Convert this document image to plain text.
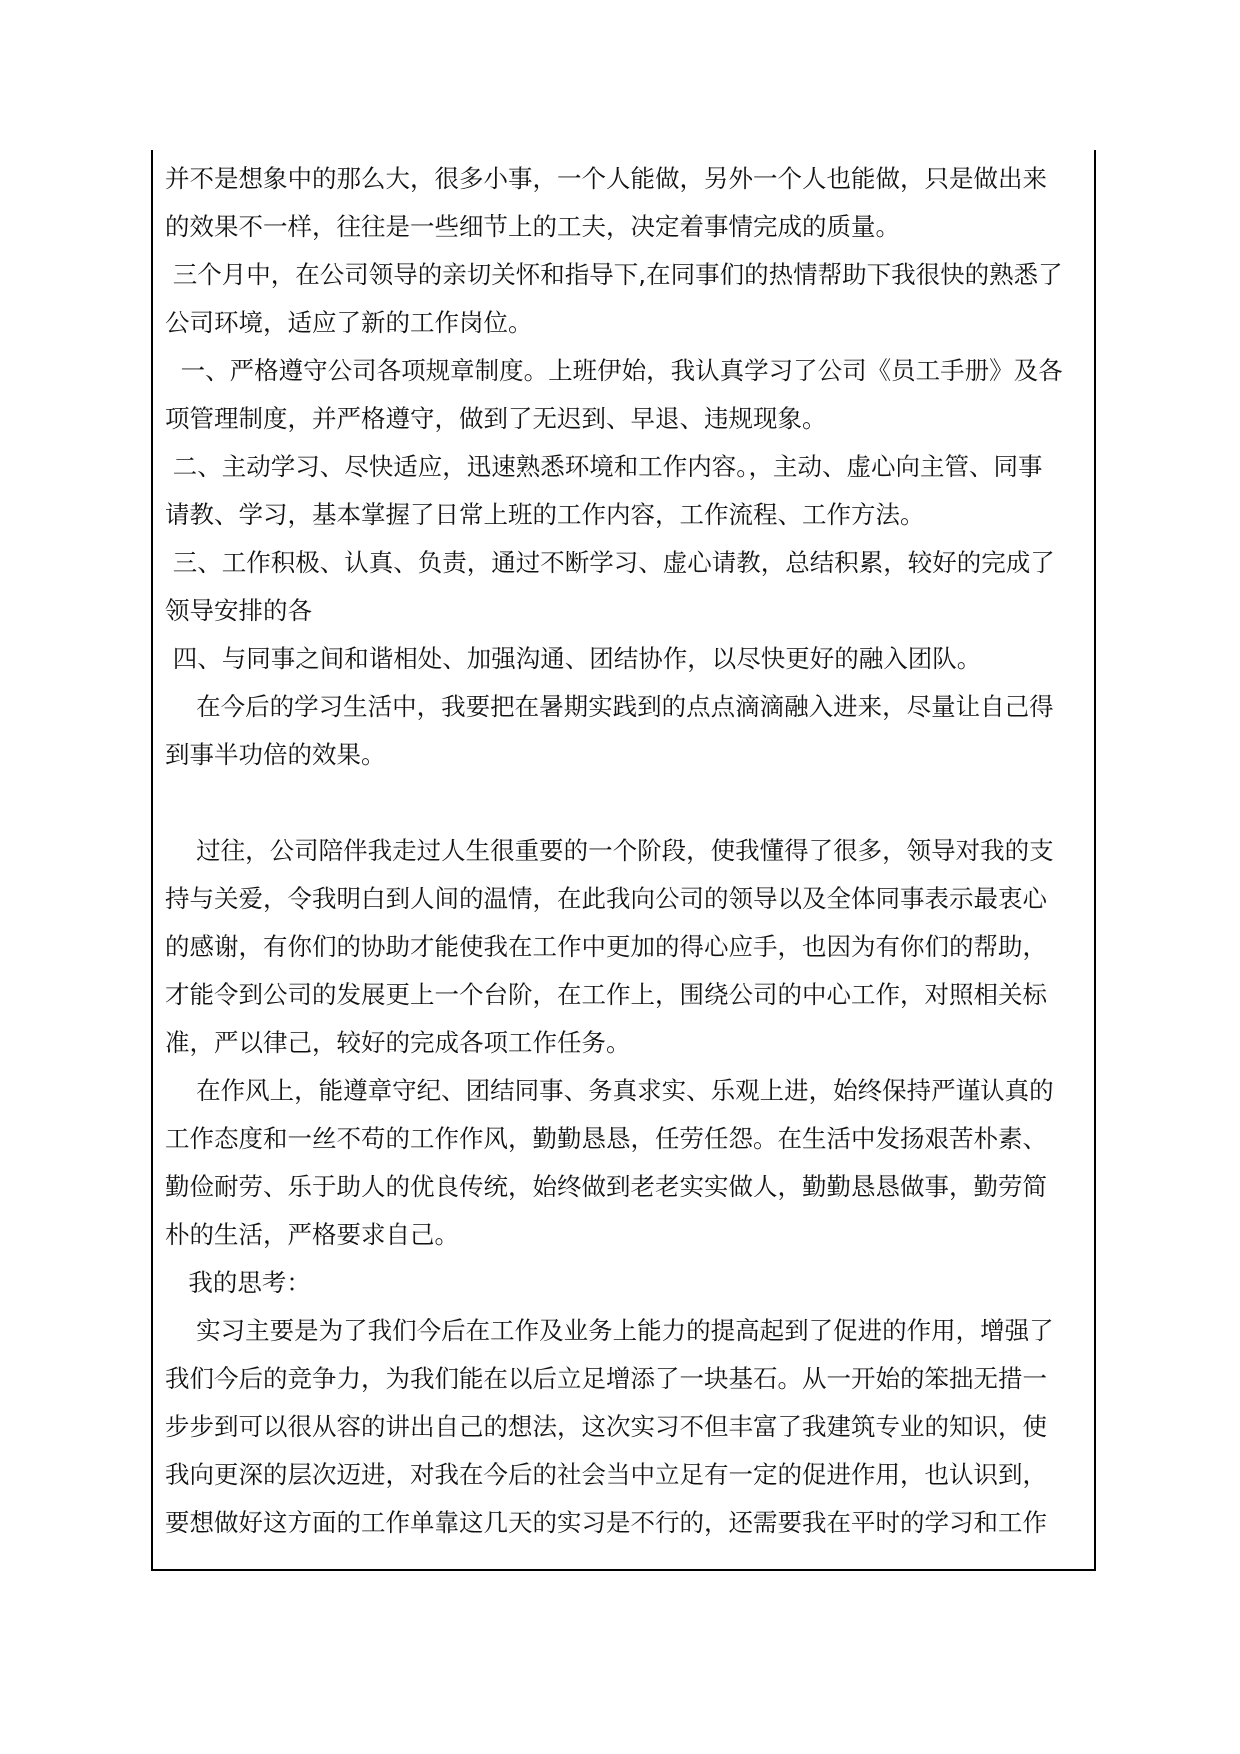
并不是想象中的那么大，很多小事，一个人能做，另外一个人也能做，只是做出来
的效果不一样，往往是一些细节上的工夫，决定着事情完成的质量。
三个月中，在公司领导的亲切关怀和指导下,在同事们的热情帮助下我很快的熟悉了
公司环境，适应了新的工作岗位。
一、严格遵守公司各项规章制度。上班伊始，我认真学习了公司《员工手册》及各
项管理制度，并严格遵守，做到了无迟到、早退、违规现象。
二、主动学习、尽快适应，迅速熟悉环境和工作内容。，主动、虚心向主管、同事
请教、学习，基本掌握了日常上班的工作内容，工作流程、工作方法。
三、工作积极、认真、负责，通过不断学习、虚心请教，总结积累，较好的完成了
领导安排的各
四、与同事之间和谐相处、加强沟通、团结协作，以尽快更好的融入团队。
在今后的学习生活中，我要把在暑期实践到的点点滴滴融入进来，尽量让自己得
到事半功倍的效果。
过往，公司陪伴我走过人生很重要的一个阶段，使我懂得了很多，领导对我的支
持与关爱，令我明白到人间的温情，在此我向公司的领导以及全体同事表示最衷心
的感谢，有你们的协助才能使我在工作中更加的得心应手，也因为有你们的帮助，
才能令到公司的发展更上一个台阶，在工作上，围绕公司的中心工作，对照相关标
准，严以律己，较好的完成各项工作任务。
在作风上，能遵章守纪、团结同事、务真求实、乐观上进，始终保持严谨认真的
工作态度和一丝不苟的工作作风，勤勤恳恳，任劳任怨。在生活中发扬艰苦朴素、
勤俭耐劳、乐于助人的优良传统，始终做到老老实实做人，勤勤恳恳做事，勤劳简
朴的生活，严格要求自己。
我的思考：
实习主要是为了我们今后在工作及业务上能力的提高起到了促进的作用，增强了
我们今后的竞争力，为我们能在以后立足增添了一块基石。从一开始的笨拙无措一
步步到可以很从容的讲出自己的想法，这次实习不但丰富了我建筑专业的知识，使
我向更深的层次迈进，对我在今后的社会当中立足有一定的促进作用，也认识到，
要想做好这方面的工作单靠这几天的实习是不行的，还需要我在平时的学习和工作
